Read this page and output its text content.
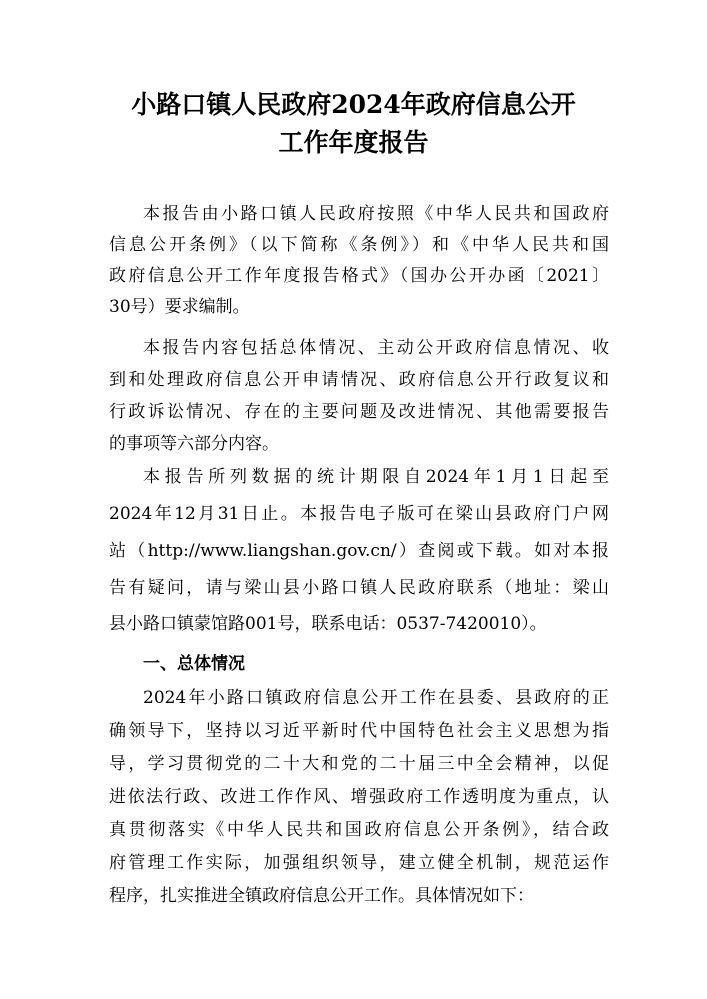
小路口镇人民政府2024年政府信息公开
工作年度报告
本报告由小路口镇人民政府按照《中华人民共和国政府
信息公开条例》（以下简称《条例》）和《中华人民共和国
政府信息公开工作年度报告格式》（国办公开办函〔2021〕
30号）要求编制。
本报告内容包括总体情况、主动公开政府信息情况、收
到和处理政府信息公开申请情况、政府信息公开行政复议和
行政诉讼情况、存在的主要问题及改进情况、其他需要报告
的事项等六部分内容。
本报告所列数据的统计期限自2024年1月1日起至
2024年12月31日止。本报告电子版可在梁山县政府门户网
站（http://www.liangshan.gov.cn/）查阅或下载。如对本报
告有疑问，请与梁山县小路口镇人民政府联系（地址：梁山
县小路口镇蒙馆路001号，联系电话：0537-7420010）。
一、总体情况
2024年小路口镇政府信息公开工作在县委、县政府的正
确领导下，坚持以习近平新时代中国特色社会主义思想为指
导，学习贯彻党的二十大和党的二十届三中全会精神，以促
进依法行政、改进工作作风、增强政府工作透明度为重点，认
真贯彻落实《中华人民共和国政府信息公开条例》，结合政
府管理工作实际，加强组织领导，建立健全机制，规范运作
程序，扎实推进全镇政府信息公开工作。具体情况如下：
